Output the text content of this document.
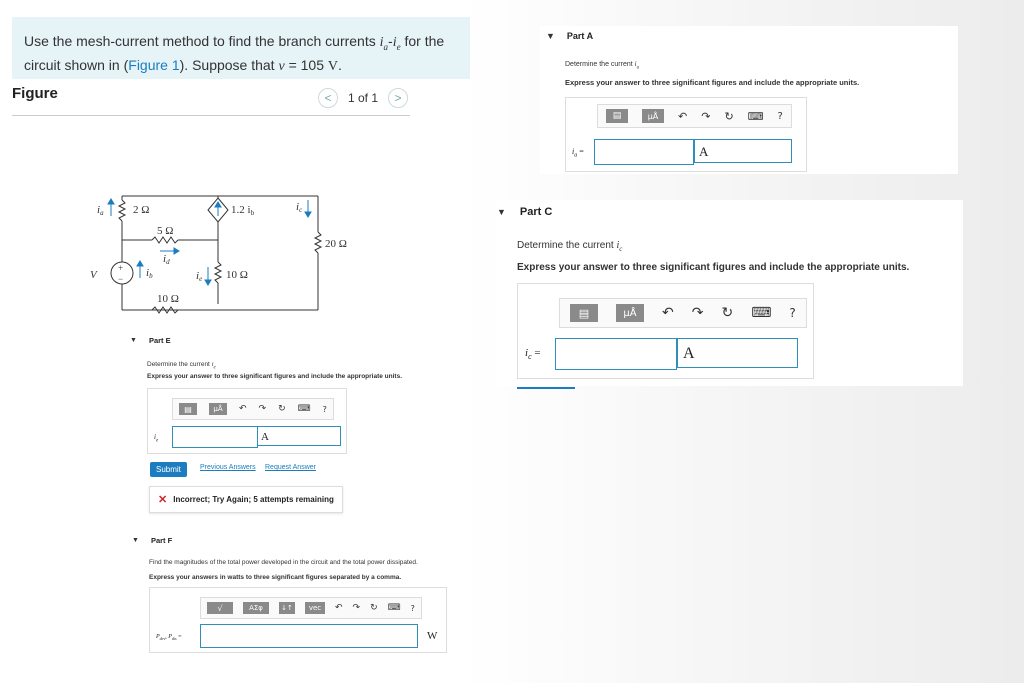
Use the mesh-current method to find the branch currents $i_a-i_e$ for the
circuit shown in (Figure 1). Suppose that v = 105 V.
Figure	<	1 of 1	>
2 Ω
5 Ω
1.2 ib
20 Ω
10 Ω
10 Ω
V
ia
ib
ic
id
ie
+
−
▼ Part A
Determine the current $i_a$
Express your answer to three significant figures and include the appropriate units.
▤	μÅ	↶ ↷ ↻ ⌨ ?
$i_a$ =	A
▼ Part C
Determine the current $i_c$
Express your answer to three significant figures and include the appropriate units.
▤	μÅ	↶ ↷ ↻ ⌨ ?
$i_c$ =	A
▼ Part E
Determine the current $i_e$
Express your answer to three significant figures and include the appropriate units.
▤	μÅ	↶ ↷ ↻ ⌨ ?
$i_e$	A
Submit	Previous Answers Request Answer
✕ Incorrect; Try Again; 5 attempts remaining
▼ Part F
Find the magnitudes of the total power developed in the circuit and the total power dissipated.
Express your answers in watts to three significant figures separated by a comma.
√	ΑΣφ	↓↑	vec	↶ ↷ ↻ ⌨ ?
$P_{dev}$, $P_{dis}$ =	W
